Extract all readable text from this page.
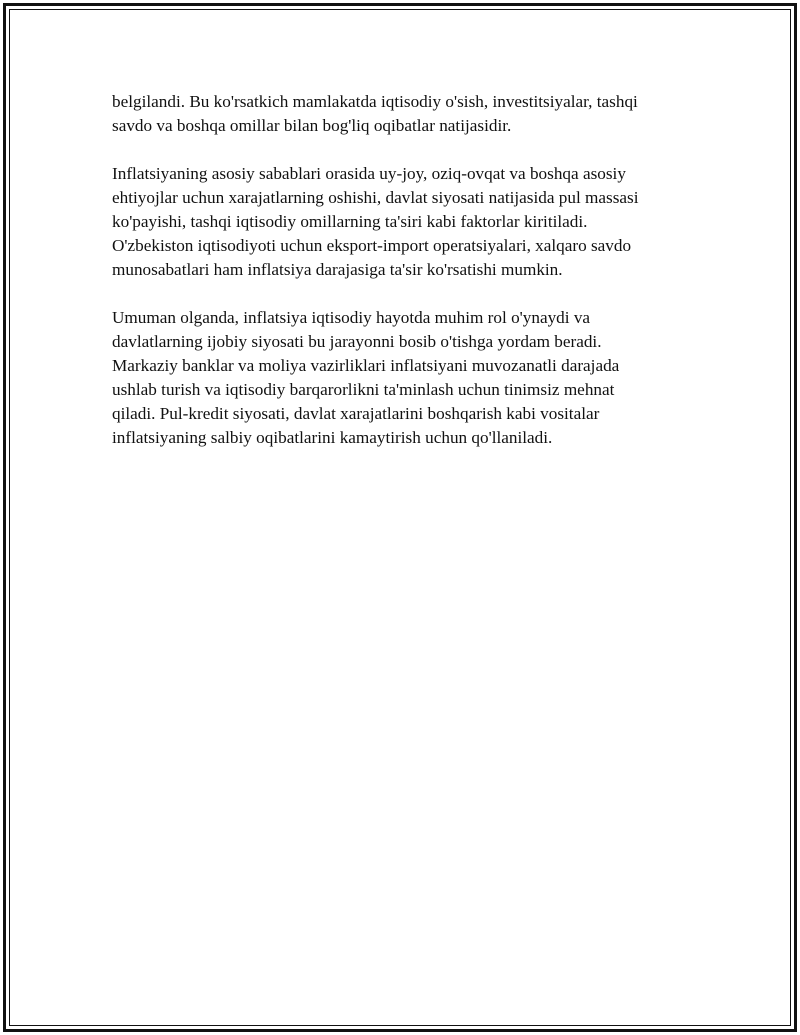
belgilandi. Bu ko'rsatkich mamlakatda iqtisodiy o'sish, investitsiyalar, tashqi
savdo va boshqa omillar bilan bog'liq oqibatlar natijasidir.

Inflatsiyaning asosiy sabablari orasida uy-joy, oziq-ovqat va boshqa asosiy
ehtiyojlar uchun xarajatlarning oshishi, davlat siyosati natijasida pul massasi
ko'payishi, tashqi iqtisodiy omillarning ta'siri kabi faktorlar kiritiladi.
O'zbekiston iqtisodiyoti uchun eksport-import operatsiyalari, xalqaro savdo
munosabatlari ham inflatsiya darajasiga ta'sir ko'rsatishi mumkin.

Umuman olganda, inflatsiya iqtisodiy hayotda muhim rol o'ynaydi va
davlatlarning ijobiy siyosati bu jarayonni bosib o'tishga yordam beradi.
Markaziy banklar va moliya vazirliklari inflatsiyani muvozanatli darajada
ushlab turish va iqtisodiy barqarorlikni ta'minlash uchun tinimsiz mehnat
qiladi. Pul-kredit siyosati, davlat xarajatlarini boshqarish kabi vositalar
inflatsiyaning salbiy oqibatlarini kamaytirish uchun qo'llaniladi.
